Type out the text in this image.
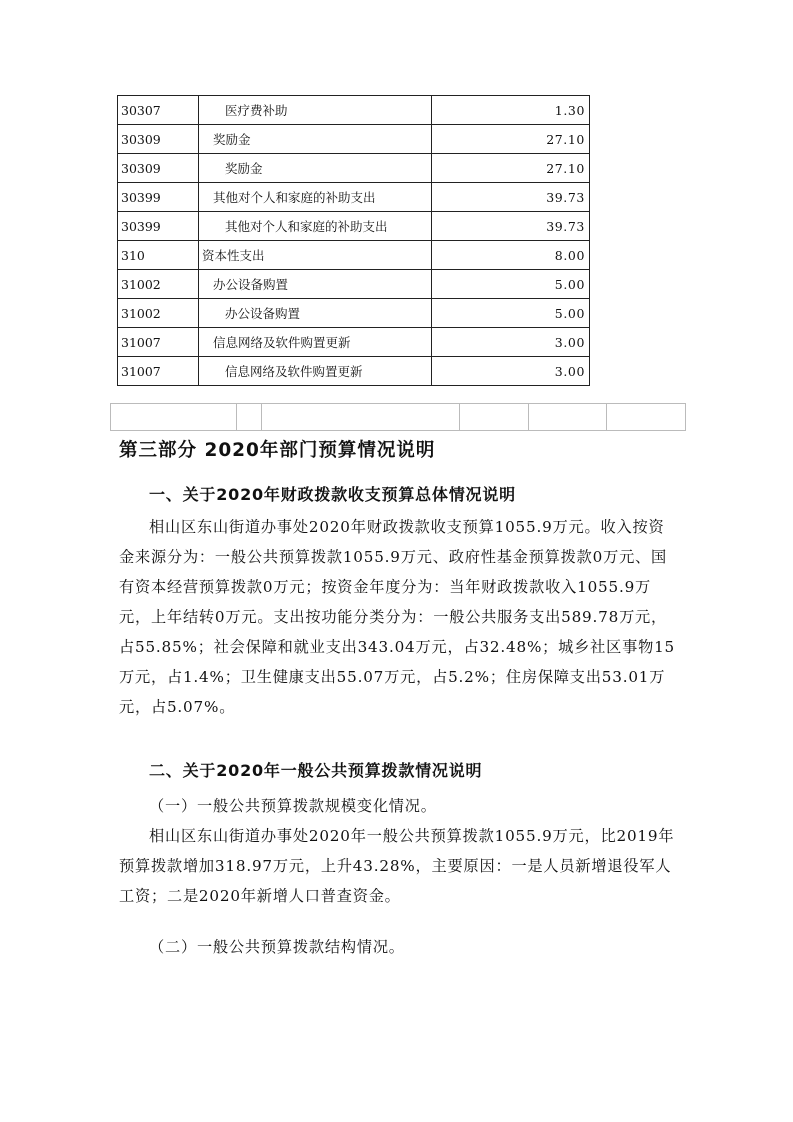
30307	医疗费补助	1.30
30309	奖励金	27.10
30309	奖励金	27.10
30399	其他对个人和家庭的补助支出	39.73
30399	其他对个人和家庭的补助支出	39.73
310	资本性支出	8.00
31002	办公设备购置	5.00
31002	办公设备购置	5.00
31007	信息网络及软件购置更新	3.00
31007	信息网络及软件购置更新	3.00
第三部分 2020年部门预算情况说明
一、关于2020年财政拨款收支预算总体情况说明
相山区东山街道办事处2020年财政拨款收支预算1055.9万元。收入按资金来源分为：一般公共预算拨款1055.9万元、政府性基金预算拨款0万元、国有资本经营预算拨款0万元；按资金年度分为：当年财政拨款收入1055.9万元，上年结转0万元。支出按功能分类分为：一般公共服务支出589.78万元，占55.85%；社会保障和就业支出343.04万元，占32.48%；城乡社区事物15万元，占1.4%；卫生健康支出55.07万元，占5.2%；住房保障支出53.01万元，占5.07%。
二、关于2020年一般公共预算拨款情况说明
（一）一般公共预算拨款规模变化情况。
相山区东山街道办事处2020年一般公共预算拨款1055.9万元，比2019年预算拨款增加318.97万元，上升43.28%，主要原因：一是人员新增退役军人工资；二是2020年新增人口普查资金。
（二）一般公共预算拨款结构情况。
